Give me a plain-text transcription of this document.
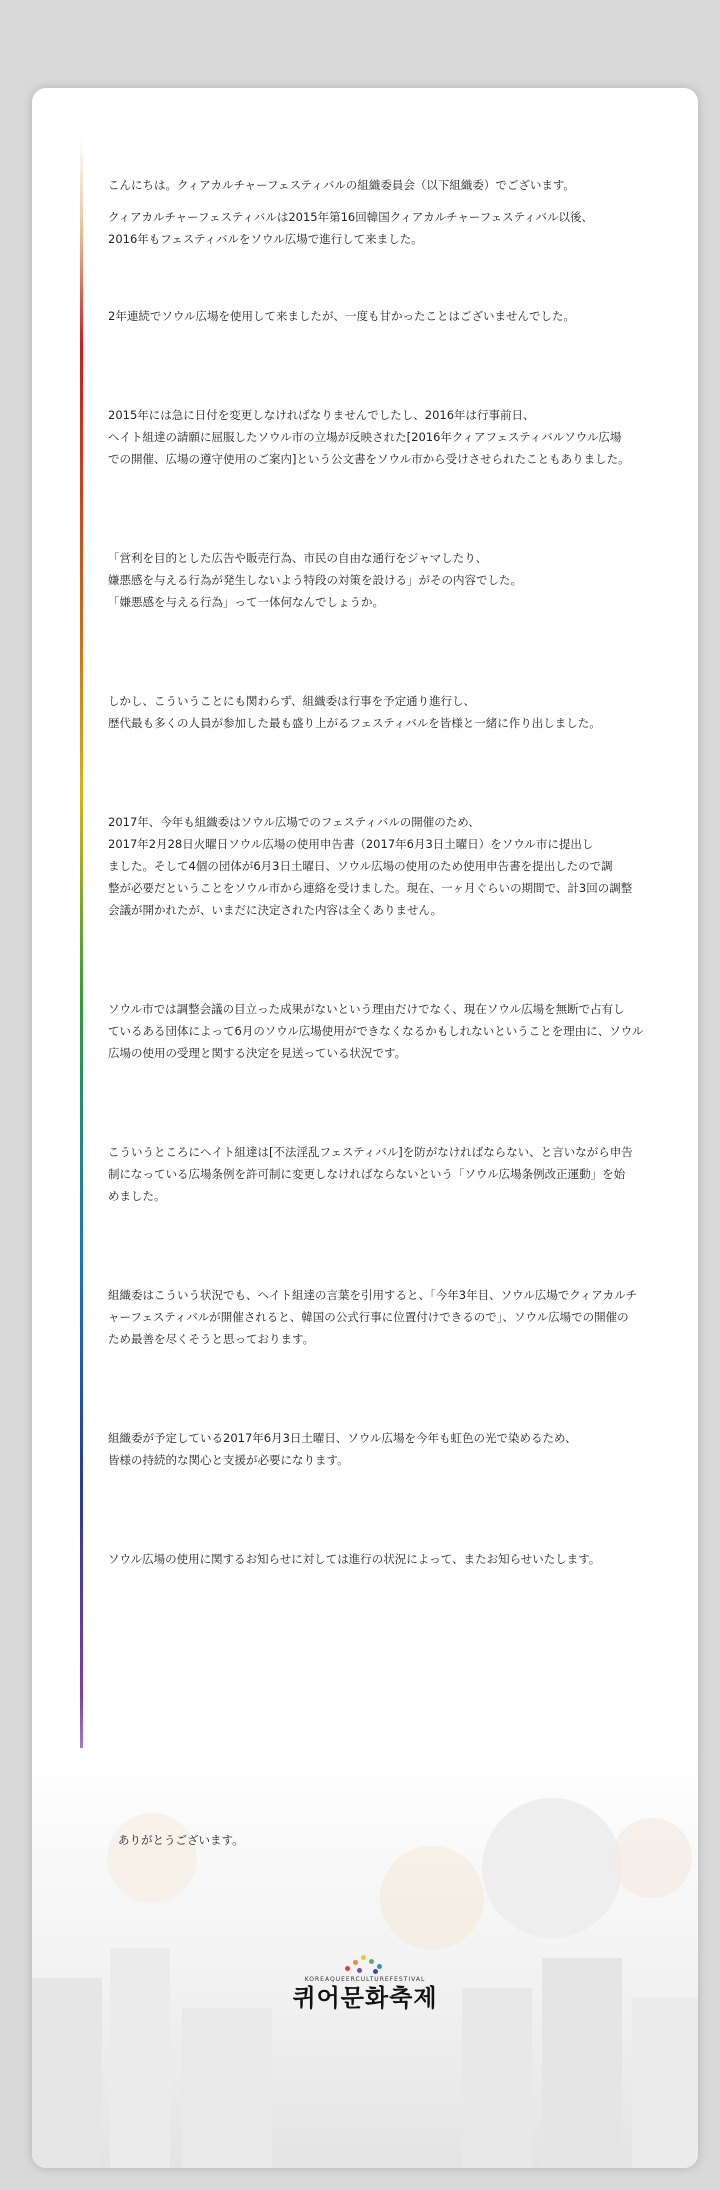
こんにちは。クィアカルチャーフェスティバルの組織委員会（以下組織委）でございます。
クィアカルチャーフェスティバルは2015年第16回韓国クィアカルチャーフェスティバル以後、
2016年もフェスティバルをソウル広場で進行して来ました。
2年連続でソウル広場を使用して来ましたが、一度も甘かったことはございませんでした。
2015年には急に日付を変更しなければなりませんでしたし、2016年は行事前日、
ヘイト組達の請願に屈服したソウル市の立場が反映された[2016年クィアフェスティバルソウル広場
での開催、広場の遵守使用のご案内]という公文書をソウル市から受けさせられたこともありました。
「営利を目的とした広告や販売行為、市民の自由な通行をジャマしたり、
嫌悪感を与える行為が発生しないよう特段の対策を設ける」がその内容でした。
「嫌悪感を与える行為」って一体何なんでしょうか。
しかし、こういうことにも関わらず、組織委は行事を予定通り進行し、
歴代最も多くの人員が参加した最も盛り上がるフェスティバルを皆様と一緒に作り出しました。
2017年、今年も組織委はソウル広場でのフェスティバルの開催のため、
2017年2月28日火曜日ソウル広場の使用申告書（2017年6月3日土曜日）をソウル市に提出し
ました。そして4個の団体が6月3日土曜日、ソウル広場の使用のため使用申告書を提出したので調
整が必要だということをソウル市から連絡を受けました。現在、一ヶ月ぐらいの期間で、計3回の調整
会議が開かれたが、いまだに決定された内容は全くありません。
ソウル市では調整会議の目立った成果がないという理由だけでなく、現在ソウル広場を無断で占有し
ているある団体によって6月のソウル広場使用ができなくなるかもしれないということを理由に、ソウル
広場の使用の受理と関する決定を見送っている状況です。
こういうところにヘイト組達は[不法淫乱フェスティバル]を防がなければならない、と言いながら申告
制になっている広場条例を許可制に変更しなければならないという「ソウル広場条例改正運動」を始
めました。
組織委はこういう状況でも、ヘイト組達の言葉を引用すると、「今年3年目、ソウル広場でクィアカルチ
ャーフェスティバルが開催されると、韓国の公式行事に位置付けできるので」、ソウル広場での開催の
ため最善を尽くそうと思っております。
組織委が予定している2017年6月3日土曜日、ソウル広場を今年も虹色の光で染めるため、
皆様の持続的な関心と支援が必要になります。
ソウル広場の使用に関するお知らせに対しては進行の状況によって、またお知らせいたします。
ありがとうございます。
KOREAQUEERCULTUREFESTIVAL
퀴어문화축제
